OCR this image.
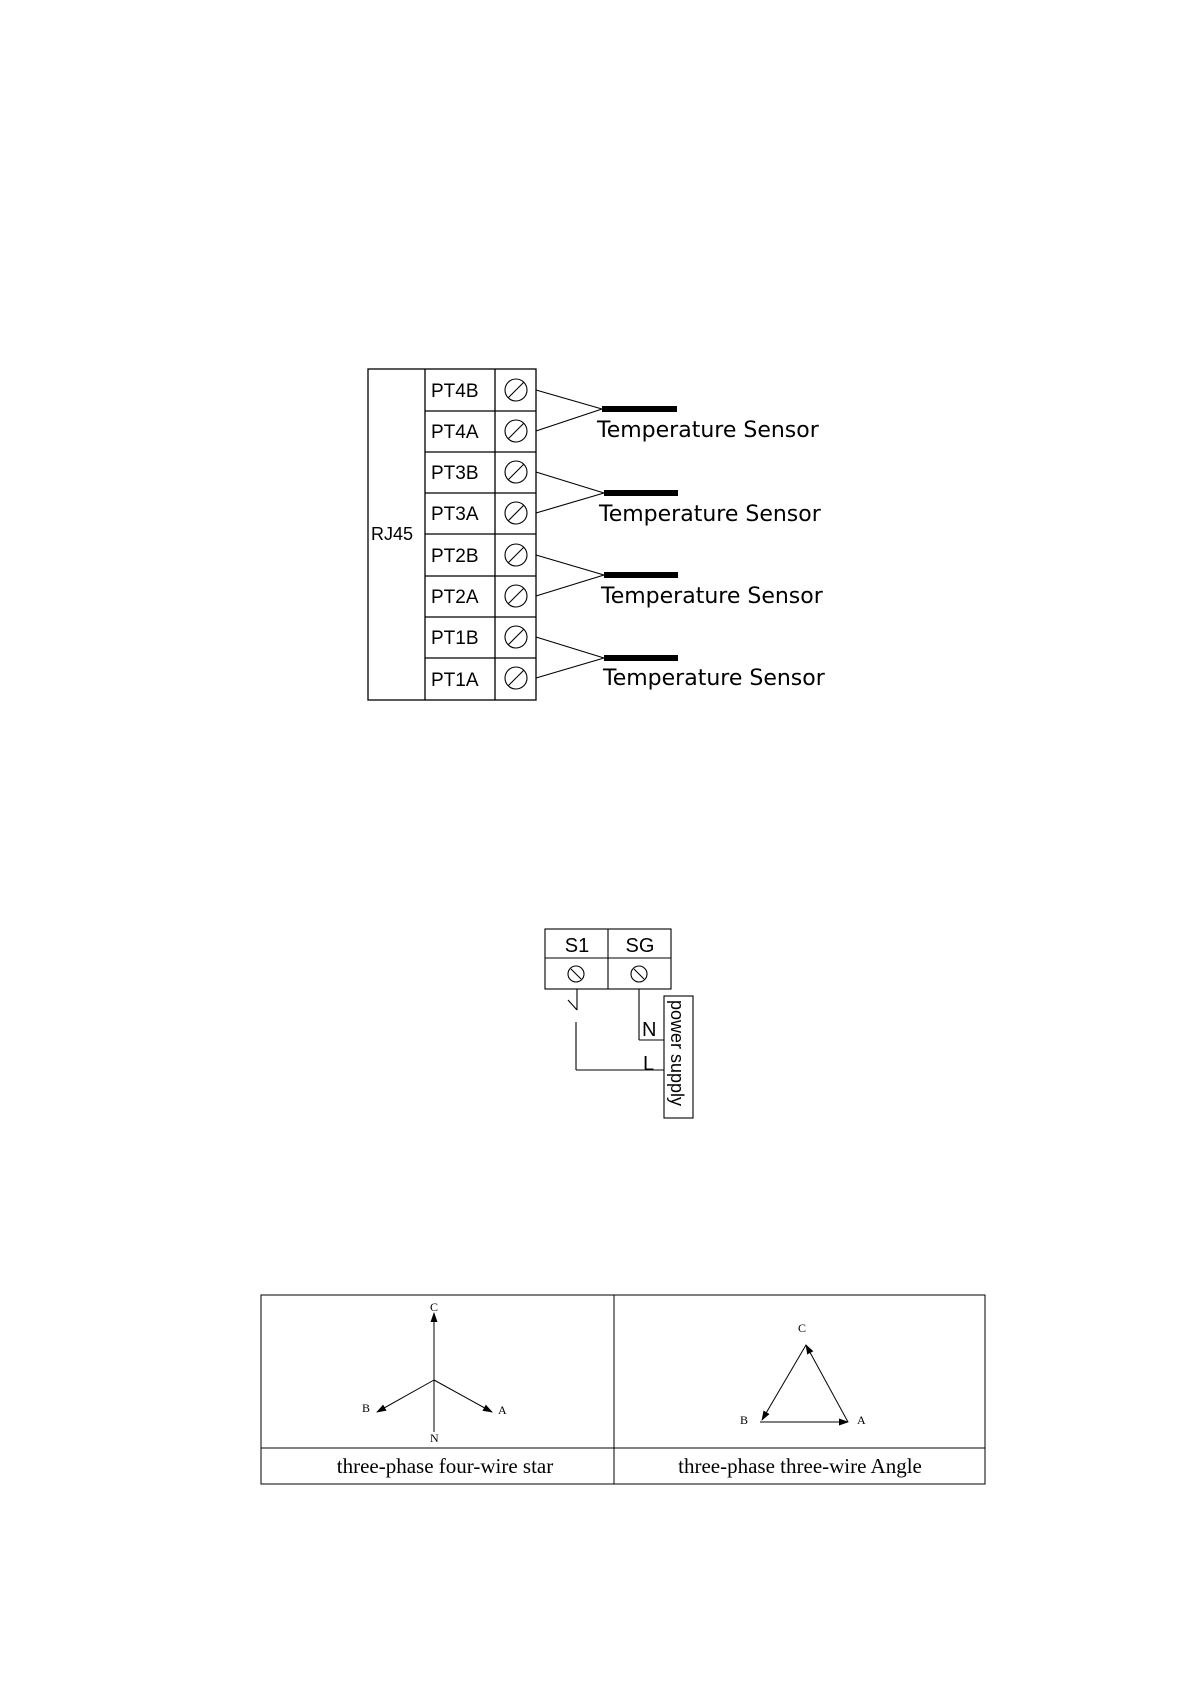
RJ45
PT4B
PT4A
PT3B
PT3A
PT2B
PT2A
PT1B
PT1A
Temperature Sensor
Temperature Sensor
Temperature Sensor
Temperature Sensor
S1 SG
N
L power supply
C
B	A
N
C
B	A
three-phase four-wire star	three-phase three-wire Angle
